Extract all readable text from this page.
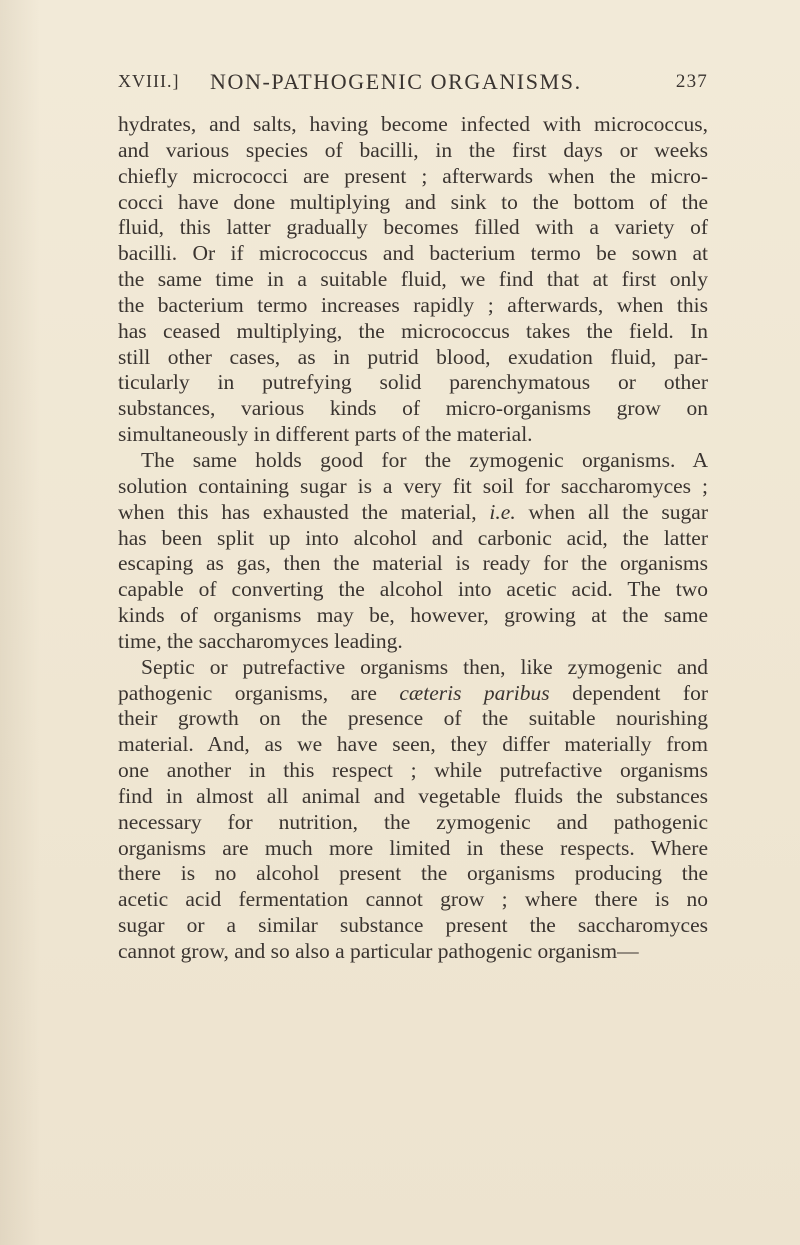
XVIII.] NON-PATHOGENIC ORGANISMS.	237
hydrates, and salts, having become infected with micrococcus,
and various species of bacilli, in the first days or weeks
chiefly micrococci are present ; afterwards when the micro-
cocci have done multiplying and sink to the bottom of the
fluid, this latter gradually becomes filled with a variety of
bacilli. Or if micrococcus and bacterium termo be sown at
the same time in a suitable fluid, we find that at first only
the bacterium termo increases rapidly ; afterwards, when this
has ceased multiplying, the micrococcus takes the field. In
still other cases, as in putrid blood, exudation fluid, par-
ticularly in putrefying solid parenchymatous or other
substances, various kinds of micro-organisms grow on
simultaneously in different parts of the material.
The same holds good for the zymogenic organisms. A
solution containing sugar is a very fit soil for saccharomyces ;
when this has exhausted the material, i.e. when all the sugar
has been split up into alcohol and carbonic acid, the latter
escaping as gas, then the material is ready for the organisms
capable of converting the alcohol into acetic acid. The two
kinds of organisms may be, however, growing at the same
time, the saccharomyces leading.
Septic or putrefactive organisms then, like zymogenic and
pathogenic organisms, are cæteris paribus dependent for
their growth on the presence of the suitable nourishing
material. And, as we have seen, they differ materially from
one another in this respect ; while putrefactive organisms
find in almost all animal and vegetable fluids the substances
necessary for nutrition, the zymogenic and pathogenic
organisms are much more limited in these respects. Where
there is no alcohol present the organisms producing the
acetic acid fermentation cannot grow ; where there is no
sugar or a similar substance present the saccharomyces
cannot grow, and so also a particular pathogenic organism—
